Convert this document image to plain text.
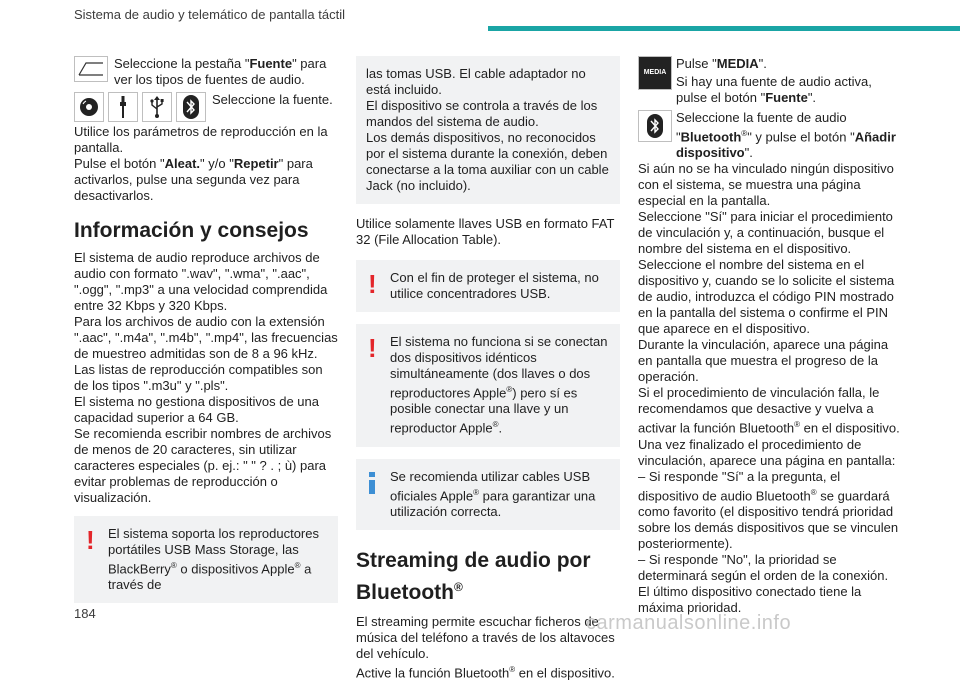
Sistema de audio y telemático de pantalla táctil
Seleccione la pestaña "Fuente" para ver los tipos de fuentes de audio.
Seleccione la fuente.
Utilice los parámetros de reproducción en la pantalla.
Pulse el botón "Aleat." y/o "Repetir" para activarlos, pulse una segunda vez para desactivarlos.
Información y consejos
El sistema de audio reproduce archivos de audio con formato ".wav", ".wma", ".aac", ".ogg", ".mp3" a una velocidad comprendida entre 32 Kbps y 320 Kbps.
Para los archivos de audio con la extensión ".aac", ".m4a", ".m4b", ".mp4", las frecuencias de muestreo admitidas son de 8 a 96 kHz.
Las listas de reproducción compatibles son de los tipos ".m3u" y ".pls".
El sistema no gestiona dispositivos de una capacidad superior a 64 GB.
Se recomienda escribir nombres de archivos de menos de 20 caracteres, sin utilizar caracteres especiales (p. ej.: " " ? . ; ù) para evitar problemas de reproducción o visualización.
!	El sistema soporta los reproductores portátiles USB Mass Storage, las BlackBerry® o dispositivos Apple® a través de
las tomas USB. El cable adaptador no está incluido.
El dispositivo se controla a través de los mandos del sistema de audio.
Los demás dispositivos, no reconocidos por el sistema durante la conexión, deben conectarse a la toma auxiliar con un cable Jack (no incluido).
Utilice solamente llaves USB en formato FAT 32 (File Allocation Table).
!	Con el fin de proteger el sistema, no utilice concentradores USB.
!	El sistema no funciona si se conectan dos dispositivos idénticos simultáneamente (dos llaves o dos reproductores Apple®) pero sí es posible conectar una llave y un reproductor Apple®.
Se recomienda utilizar cables USB oficiales Apple® para garantizar una utilización correcta.
Streaming de audio por
Bluetooth®
El streaming permite escuchar ficheros de música del teléfono a través de los altavoces del vehículo.
Active la función Bluetooth® en el dispositivo.
MEDIA
Pulse "MEDIA".
Si hay una fuente de audio activa, pulse el botón "Fuente".
Seleccione la fuente de audio "Bluetooth®" y pulse el botón "Añadir dispositivo".
Si aún no se ha vinculado ningún dispositivo con el sistema, se muestra una página especial en la pantalla.
Seleccione "Sí" para iniciar el procedimiento de vinculación y, a continuación, busque el nombre del sistema en el dispositivo.
Seleccione el nombre del sistema en el dispositivo y, cuando se lo solicite el sistema de audio, introduzca el código PIN mostrado en la pantalla del sistema o confirme el PIN que aparece en el dispositivo.
Durante la vinculación, aparece una página en pantalla que muestra el progreso de la operación.
Si el procedimiento de vinculación falla, le recomendamos que desactive y vuelva a activar la función Bluetooth® en el dispositivo.
Una vez finalizado el procedimiento de vinculación, aparece una página en pantalla:
– Si responde "Sí" a la pregunta, el dispositivo de audio Bluetooth® se guardará como favorito (el dispositivo tendrá prioridad sobre los demás dispositivos que se vinculen posteriormente).
– Si responde "No", la prioridad se determinará según el orden de la conexión. El último dispositivo conectado tiene la máxima prioridad.
184	carmanualsonline.info
